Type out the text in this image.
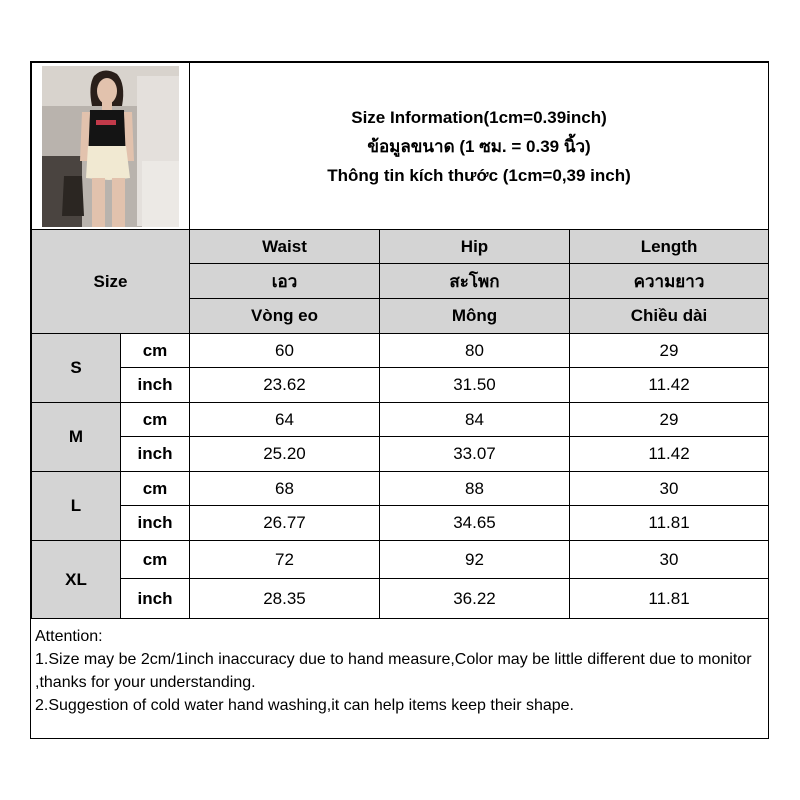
Size Information(1cm=0.39inch)
ข้อมูลขนาด (1 ซม. = 0.39 นิ้ว)
Thông tin kích thước (1cm=0,39 inch)		

Size		Waist	Hip	Length
		เอว	สะโพก	ความยาว
		Vòng eo	Mông	Chiều dài
S	cm	60	80	29
	inch	23.62	31.50	11.42
M	cm	64	84	29
	inch	25.20	33.07	11.42
L	cm	68	88	30
	inch	26.77	34.65	11.81
XL	cm	72	92	30
	inch	28.35	36.22	11.81
Attention:
1.Size may be 2cm/1inch inaccuracy due to hand measure,Color may be little different due to monitor ,thanks for your understanding.
2.Suggestion of cold water hand washing,it can help items keep their shape.
